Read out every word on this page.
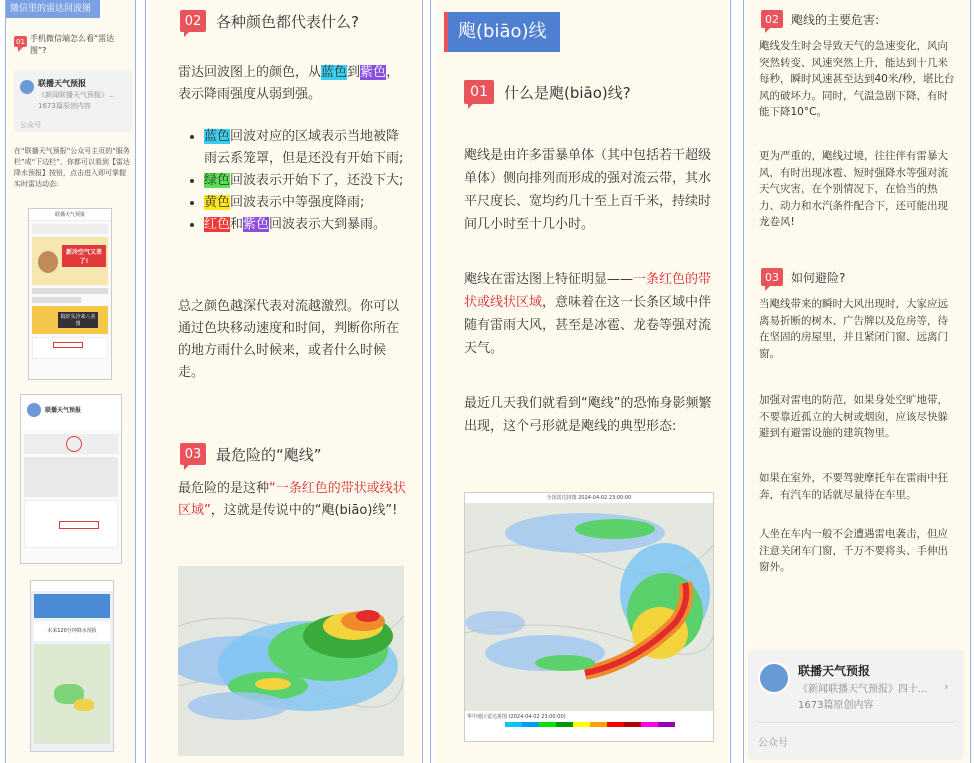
微信里的雷达回波图
01 手机微信端怎么看“雷达图”?
联播天气预报
《新闻联播天气预报》...
1673篇原创内容
公众号
在“联播天气预报”公众号主页的“服务栏”或“下边栏”，你都可以看到【雷达降水预报】按钮，点击进入即可掌握实时雷达动态:
联播天气预报
新冷空气又来了!
搞好头冷来八美图
联播天气预报
未来120分钟降水预报
02 各种颜色都代表什么?
雷达回波图上的颜色，从蓝色到紫色，表示降雨强度从弱到强。
• 蓝色回波对应的区域表示当地被降雨云系笼罩，但是还没有开始下雨;
• 绿色回波表示开始下了，还没下大;
• 黄色回波表示中等强度降雨;
• 红色和紫色回波表示大到暴雨。
总之颜色越深代表对流越激烈。你可以通过色块移动速度和时间，判断你所在的地方雨什么时候来，或者什么时候走。
03 最危险的“飑线”
最危险的是这种“一条红色的带状或线状区域”，这就是传说中的“飑(biāo)线”!
飑(biāo)线
01	什么是飑(biāo)线?
飑线是由许多雷暴单体（其中包括若干超级单体）侧向排列而形成的强对流云带，其水平尺度长、宽均约几十至上百千米，持续时间几小时至十几小时。
飑线在雷达图上特征明显——一条红色的带状或线状区域，意味着在这一长条区域中伴随有雷雨大风，甚至是冰雹、龙卷等强对流天气。
最近几天我们就看到“飑线”的恐怖身影频繁出现，这个弓形就是飑线的典型形态:
全国雷达拼图 2024-04-02 23:00:00
华中地区雷达拼图 (2024-04-02 23:00:00)
02	飑线的主要危害:
飑线发生时会导致天气的急速变化，风向突然转变、风速突然上升，能达到十几米每秒，瞬时风速甚至达到40米/秒，堪比台风的破坏力。同时，气温急剧下降，有时能下降10°C。
更为严重的，飑线过境，往往伴有雷暴大风，有时出现冰雹、短时强降水等强对流天气灾害，在个别情况下，在恰当的热力、动力和水汽条件配合下，还可能出现龙卷风!
03	如何避险?
当飑线带来的瞬时大风出现时，大家应远离易折断的树木、广告牌以及危房等，待在坚固的房屋里，并且紧闭门窗、远离门窗。
加强对雷电的防范，如果身处空旷地带，不要靠近孤立的大树或烟囱，应该尽快躲避到有避雷设施的建筑物里。
如果在室外，不要驾驶摩托车在雷雨中狂奔，有汽车的话就尽量待在车里。
人坐在车内一般不会遭遇雷电袭击，但应注意关闭车门窗，千万不要将头、手伸出窗外。
联播天气预报
《新闻联播天气预报》四十...
1673篇原创内容
›
公众号
